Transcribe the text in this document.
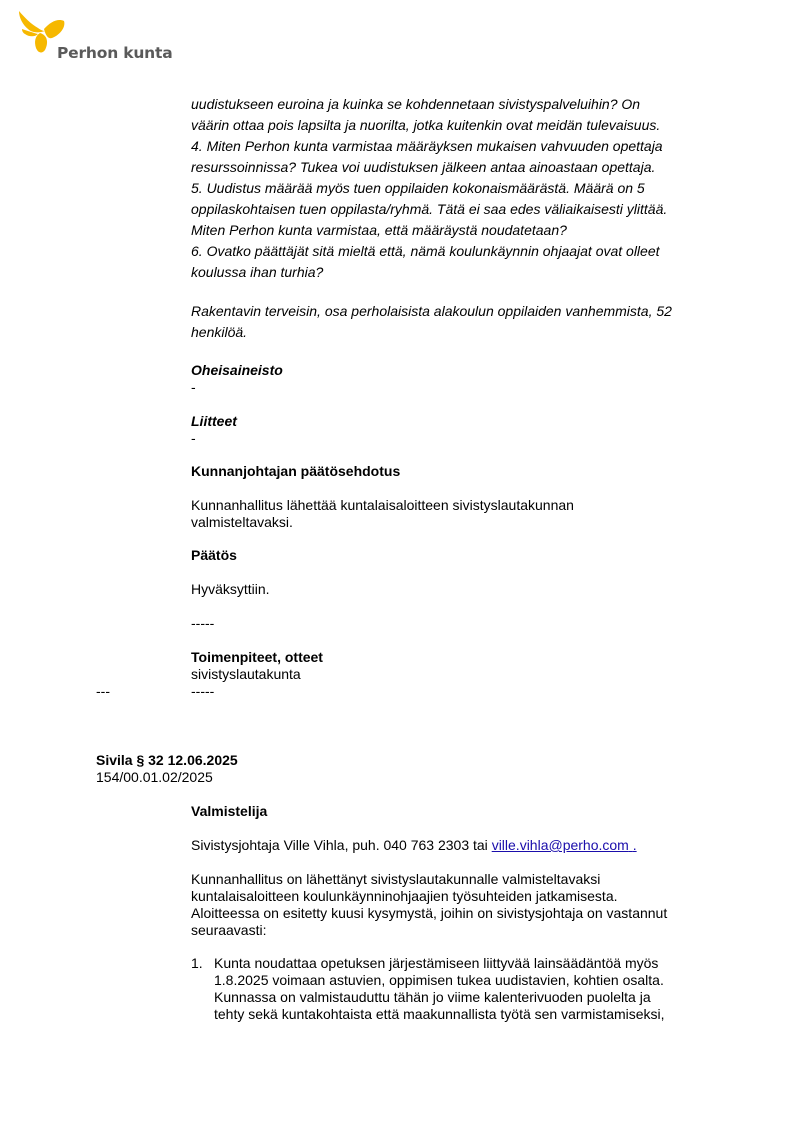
Perhon kunta
uudistukseen euroina ja kuinka se kohdennetaan sivistyspalveluihin? On
väärin ottaa pois lapsilta ja nuorilta, jotka kuitenkin ovat meidän tulevaisuus.
4. Miten Perhon kunta varmistaa määräyksen mukaisen vahvuuden opettaja
resurssoinnissa? Tukea voi uudistuksen jälkeen antaa ainoastaan opettaja.
5. Uudistus määrää myös tuen oppilaiden kokonaismäärästä. Määrä on 5
oppilaskohtaisen tuen oppilasta/ryhmä. Tätä ei saa edes väliaikaisesti ylittää.
Miten Perhon kunta varmistaa, että määräystä noudatetaan?
6. Ovatko päättäjät sitä mieltä että, nämä koulunkäynnin ohjaajat ovat olleet
koulussa ihan turhia?
Rakentavin terveisin, osa perholaisista alakoulun oppilaiden vanhemmista, 52
henkilöä.
Oheisaineisto
-
Liitteet
-
Kunnanjohtajan päätösehdotus
Kunnanhallitus lähettää kuntalaisaloitteen sivistyslautakunnan
valmisteltavaksi.
Päätös
Hyväksyttiin.
-----
Toimenpiteet, otteet
sivistyslautakunta
---	-----
Sivila § 32 12.06.2025
154/00.01.02/2025
Valmistelija
Sivistysjohtaja Ville Vihla, puh. 040 763 2303 tai ville.vihla@perho.com .
Kunnanhallitus on lähettänyt sivistyslautakunnalle valmisteltavaksi
kuntalaisaloitteen koulunkäynninohjaajien työsuhteiden jatkamisesta.
Aloitteessa on esitetty kuusi kysymystä, joihin on sivistysjohtaja on vastannut
seuraavasti:
1. Kunta noudattaa opetuksen järjestämiseen liittyvää lainsäädäntöä myös
1.8.2025 voimaan astuvien, oppimisen tukea uudistavien, kohtien osalta.
Kunnassa on valmistauduttu tähän jo viime kalenterivuoden puolelta ja
tehty sekä kuntakohtaista että maakunnallista työtä sen varmistamiseksi,
